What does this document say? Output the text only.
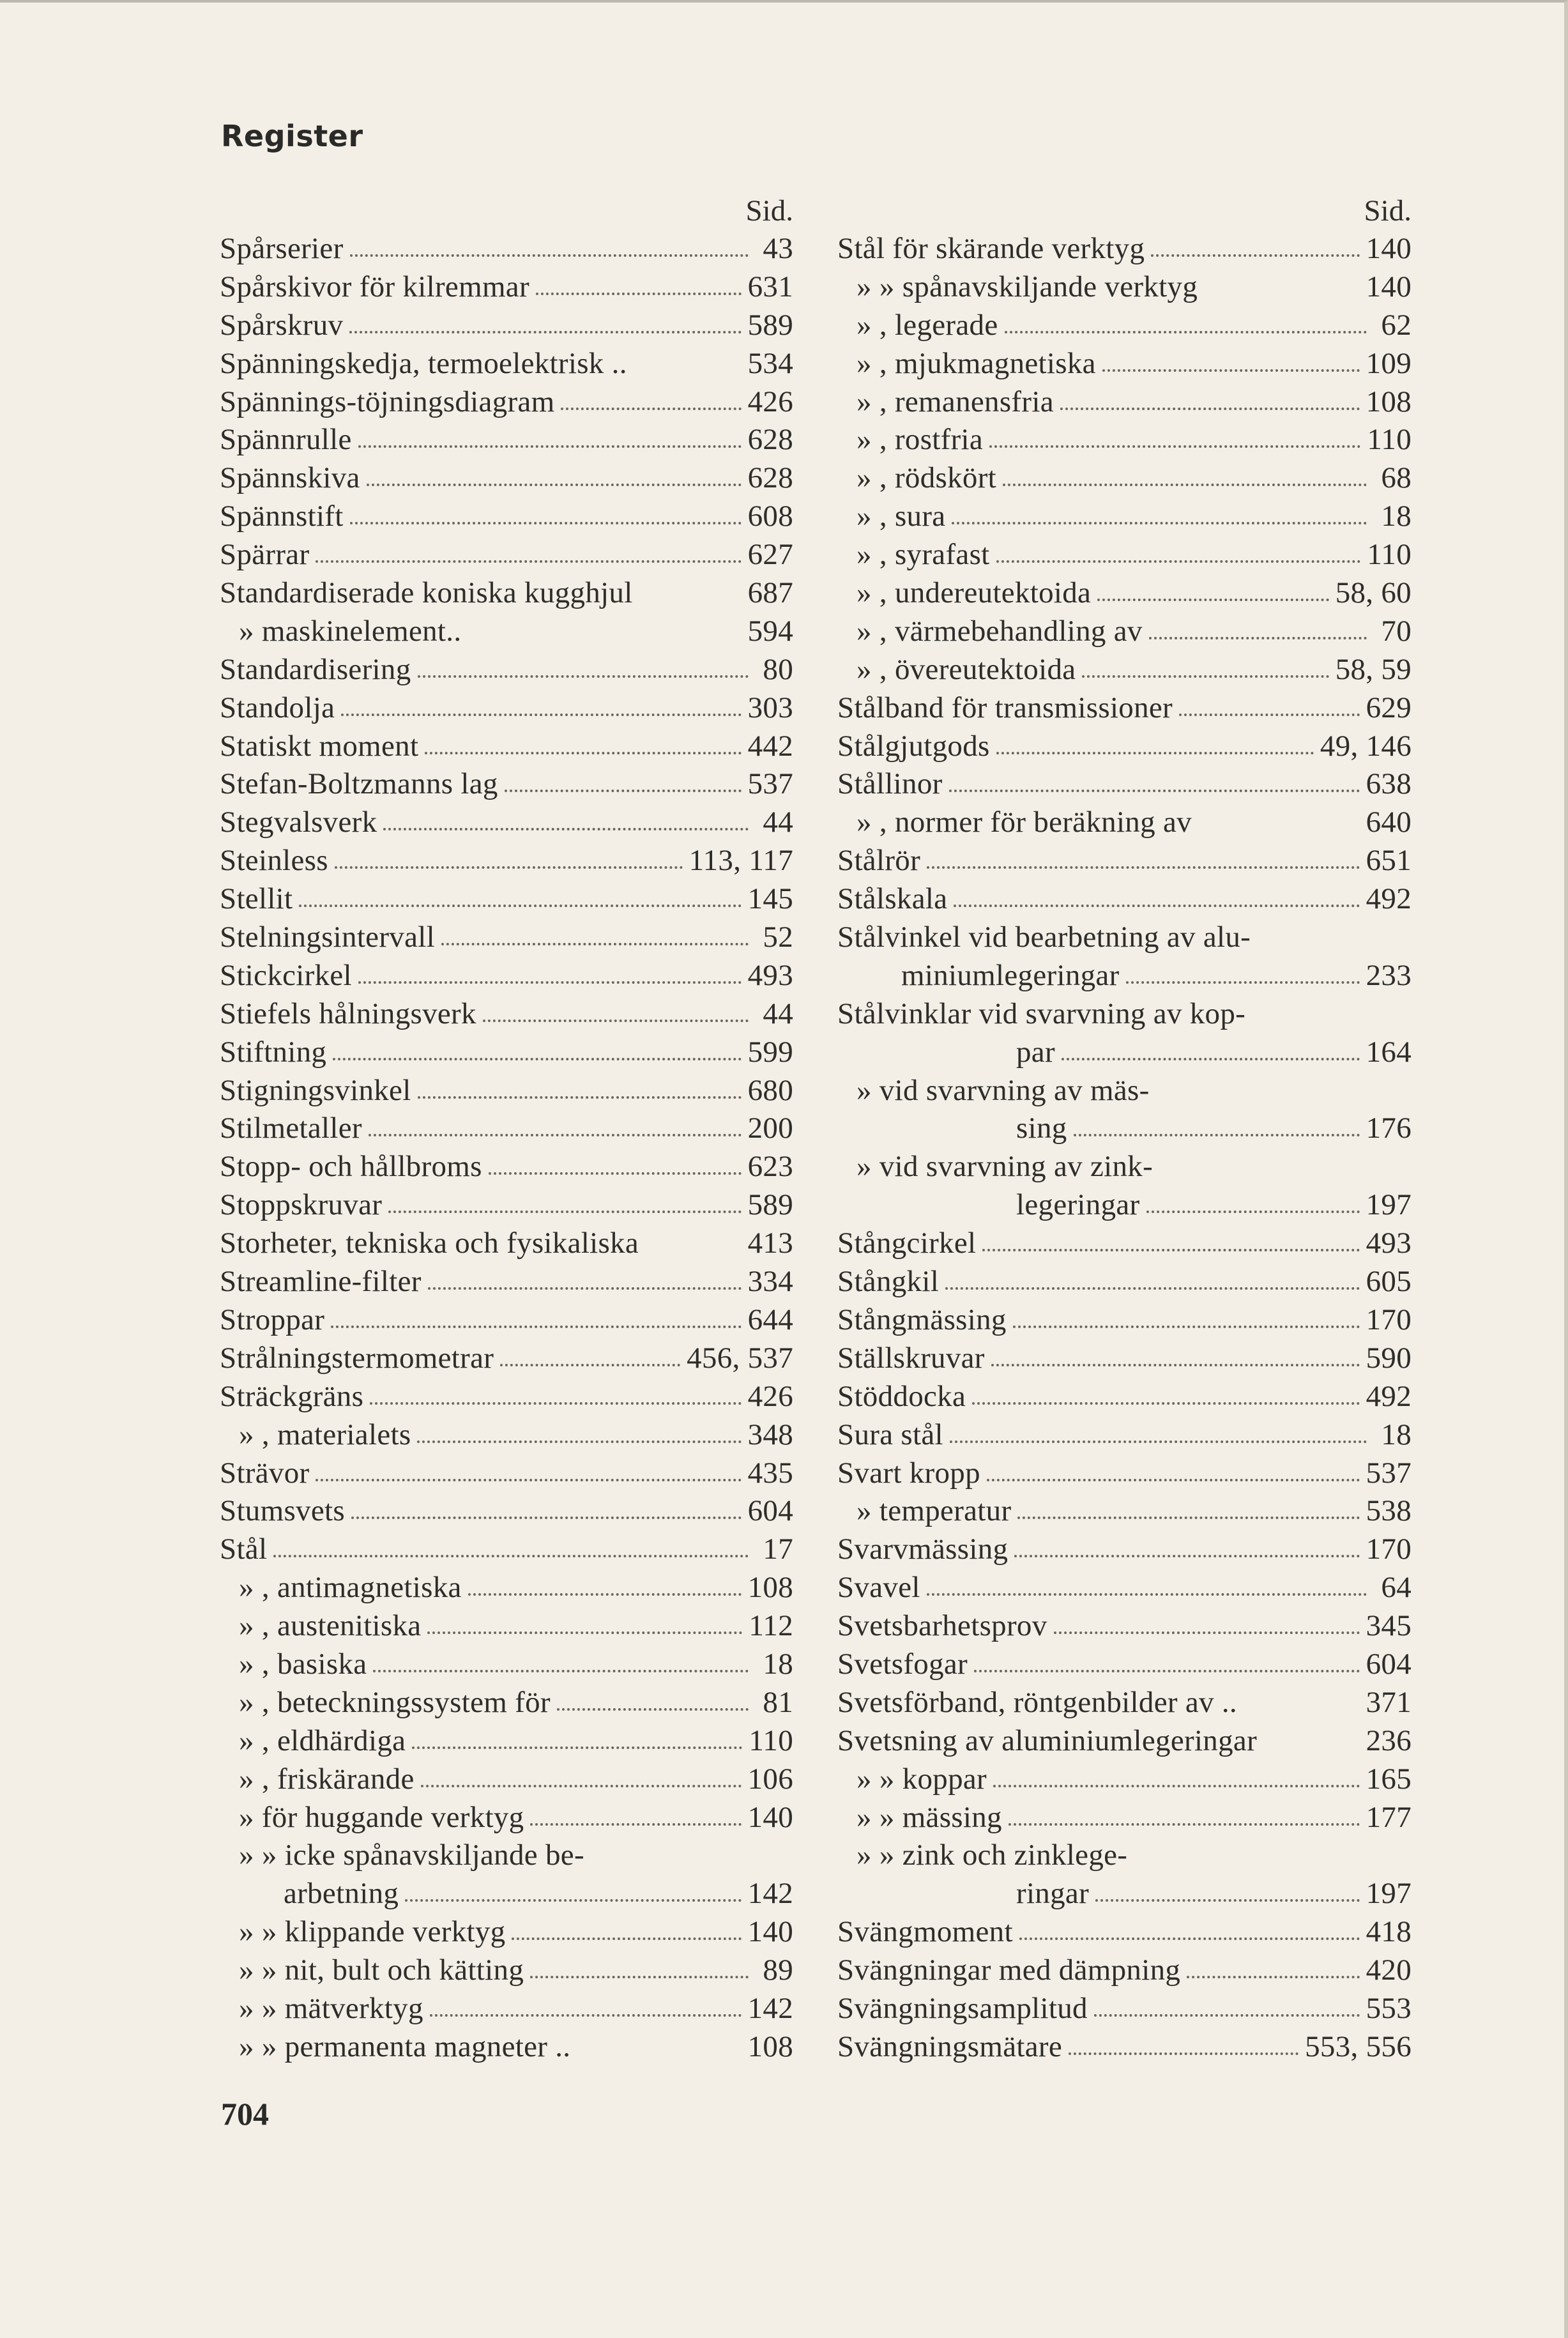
Register
Sid.
Spårserier	43
Spårskivor för kilremmar	631
Spårskruv	589
Spänningskedja, termoelektrisk ..	534
Spännings-töjningsdiagram	426
Spännrulle	628
Spännskiva	628
Spännstift	608
Spärrar	627
Standardiserade koniska kugghjul	687
» maskinelement..	594
Standardisering	80
Standolja	303
Statiskt moment	442
Stefan-Boltzmanns lag	537
Stegvalsverk	44
Steinless	113, 117
Stellit	145
Stelningsintervall	52
Stickcirkel	493
Stiefels hålningsverk	44
Stiftning	599
Stigningsvinkel	680
Stilmetaller	200
Stopp- och hållbroms	623
Stoppskruvar	589
Storheter, tekniska och fysikaliska	413
Streamline-filter	334
Stroppar	644
Strålningstermometrar	456, 537
Sträckgräns	426
» , materialets	348
Strävor	435
Stumsvets	604
Stål	17
» , antimagnetiska	108
» , austenitiska	112
» , basiska	18
» , beteckningssystem för	81
» , eldhärdiga	110
» , friskärande	106
» för huggande verktyg	140
» » icke spånavskiljande be-
arbetning	142
» » klippande verktyg	140
» » nit, bult och kätting	89
» » mätverktyg	142
» » permanenta magneter ..	108
Sid.
Stål för skärande verktyg	140
» » spånavskiljande verktyg	140
» , legerade	62
» , mjukmagnetiska	109
» , remanensfria	108
» , rostfria	110
» , rödskört	68
» , sura	18
» , syrafast	110
» , undereutektoida	58, 60
» , värmebehandling av	70
» , övereutektoida	58, 59
Stålband för transmissioner	629
Stålgjutgods	49, 146
Stållinor	638
» , normer för beräkning av	640
Stålrör	651
Stålskala	492
Stålvinkel vid bearbetning av alu-
miniumlegeringar	233
Stålvinklar vid svarvning av kop-
par	164
» vid svarvning av mäs-
sing	176
» vid svarvning av zink-
legeringar	197
Stångcirkel	493
Stångkil	605
Stångmässing	170
Ställskruvar	590
Stöddocka	492
Sura stål	18
Svart kropp	537
» temperatur	538
Svarvmässing	170
Svavel	64
Svetsbarhetsprov	345
Svetsfogar	604
Svetsförband, röntgenbilder av ..	371
Svetsning av aluminiumlegeringar	236
» » koppar	165
» » mässing	177
» » zink och zinklege-
ringar	197
Svängmoment	418
Svängningar med dämpning	420
Svängningsamplitud	553
Svängningsmätare	553, 556
704
